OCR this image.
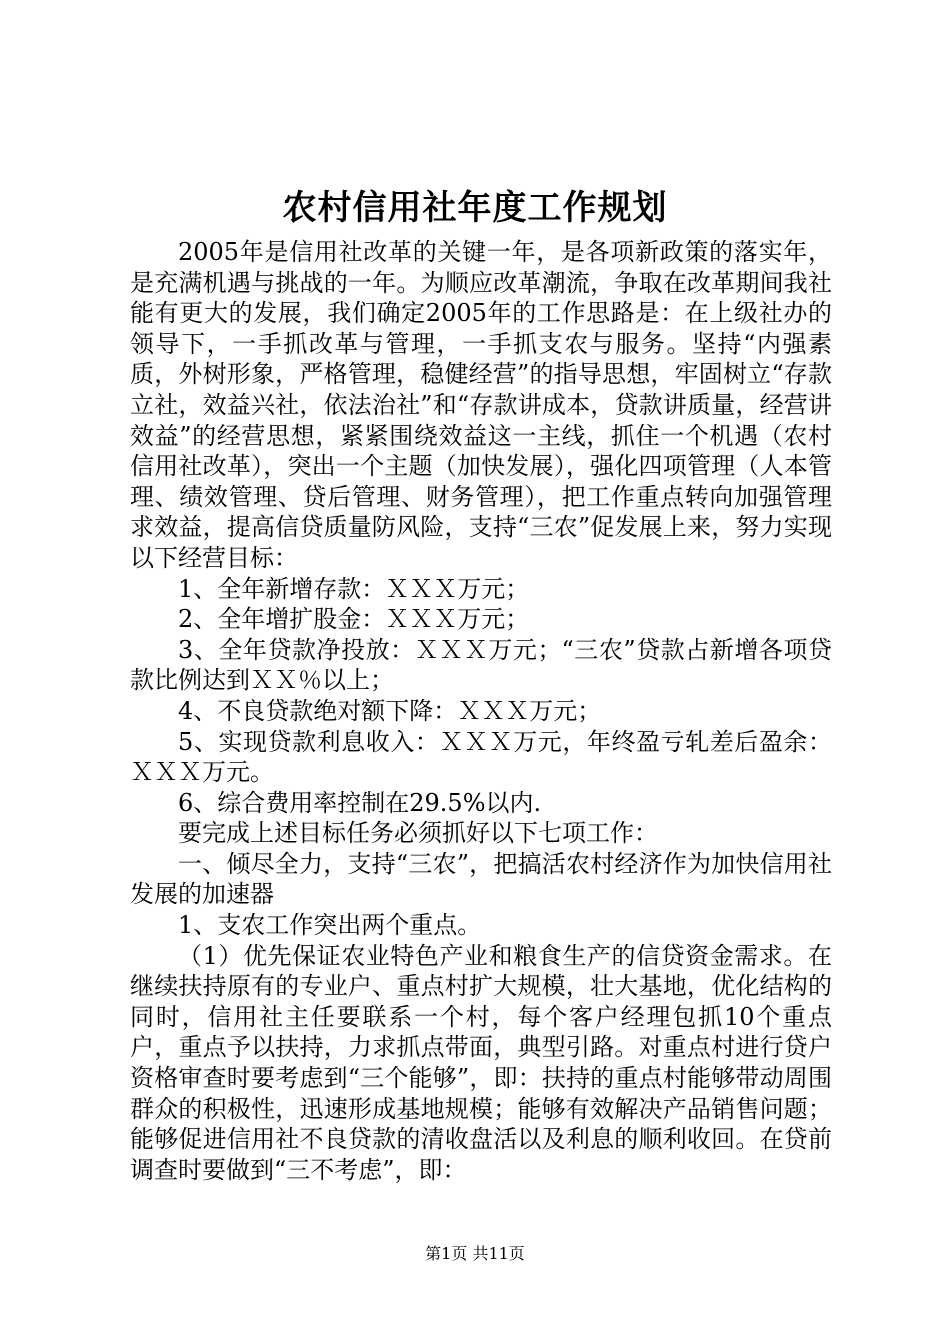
农村信用社年度工作规划

2005年是信用社改革的关键一年，是各项新政策的落实年，是充满机遇与挑战的一年。为顺应改革潮流，争取在改革期间我社能有更大的发展，我们确定2005年的工作思路是：在上级社办的领导下，一手抓改革与管理，一手抓支农与服务。坚持“内强素质，外树形象，严格管理，稳健经营”的指导思想，牢固树立“存款立社，效益兴社，依法治社”和“存款讲成本，贷款讲质量，经营讲效益”的经营思想，紧紧围绕效益这一主线，抓住一个机遇（农村信用社改革），突出一个主题（加快发展），强化四项管理（人本管理、绩效管理、贷后管理、财务管理），把工作重点转向加强管理求效益，提高信贷质量防风险，支持“三农”促发展上来，努力实现以下经营目标：

1、全年新增存款：ＸＸＸ万元；

2、全年增扩股金：ＸＸＸ万元；

3、全年贷款净投放：ＸＸＸ万元；“三农”贷款占新增各项贷款比例达到ＸＸ％以上；

4、不良贷款绝对额下降：ＸＸＸ万元；

5、实现贷款利息收入：ＸＸＸ万元，年终盈亏轧差后盈余：ＸＸＸ万元。

6、综合费用率控制在29.5%以内.

要完成上述目标任务必须抓好以下七项工作：

一、倾尽全力，支持“三农”，把搞活农村经济作为加快信用社发展的加速器

1、支农工作突出两个重点。

（1）优先保证农业特色产业和粮食生产的信贷资金需求。在继续扶持原有的专业户、重点村扩大规模，壮大基地，优化结构的同时，信用社主任要联系一个村，每个客户经理包抓10个重点户，重点予以扶持，力求抓点带面，典型引路。对重点村进行贷户资格审查时要考虑到“三个能够”，即：扶持的重点村能够带动周围群众的积极性，迅速形成基地规模；能够有效解决产品销售问题；能够促进信用社不良贷款的清收盘活以及利息的顺利收回。在贷前调查时要做到“三不考虑”，即：

第1页 共11页
